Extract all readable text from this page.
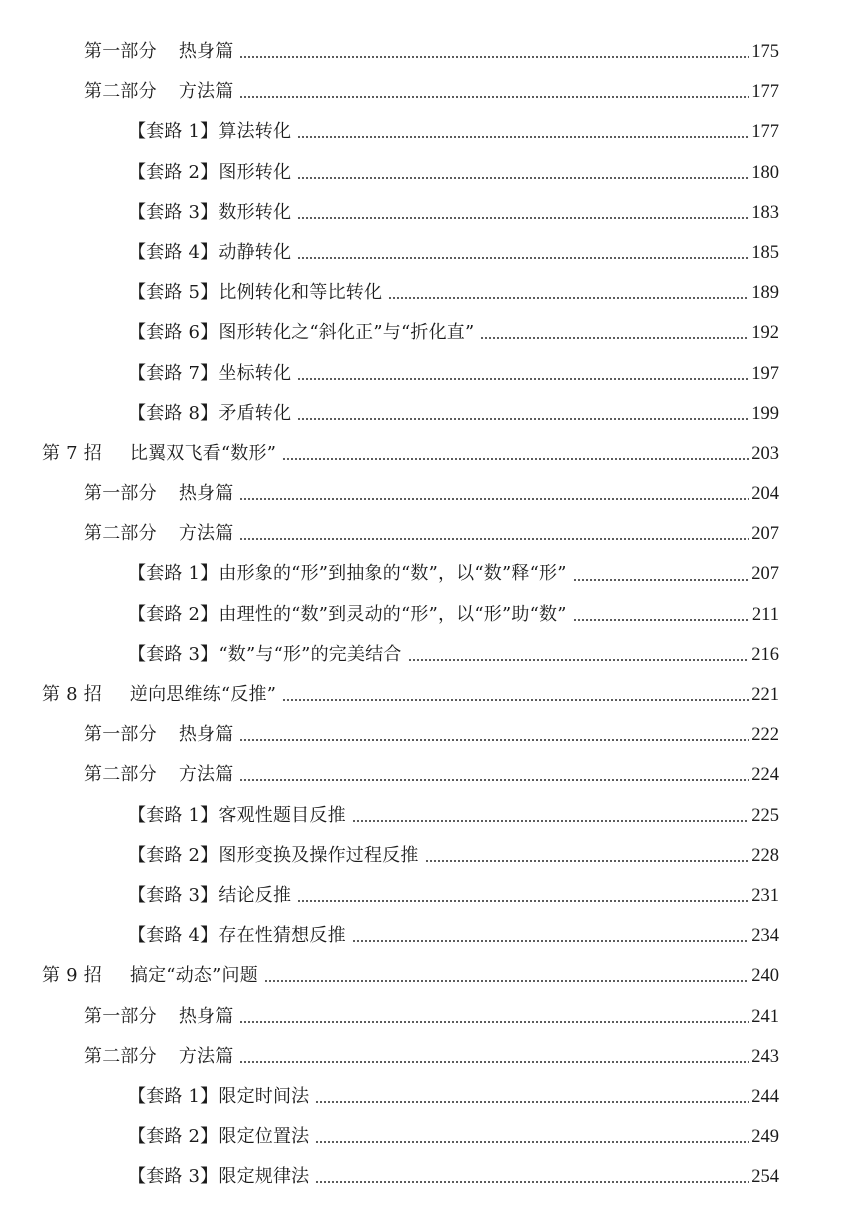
第一部分 热身篇	175
第二部分 方法篇	177
【套路 1】算法转化	177
【套路 2】图形转化	180
【套路 3】数形转化	183
【套路 4】动静转化	185
【套路 5】比例转化和等比转化	189
【套路 6】图形转化之“斜化正”与“折化直”	192
【套路 7】坐标转化	197
【套路 8】矛盾转化	199
第 7 招 比翼双飞看“数形”	203
第一部分 热身篇	204
第二部分 方法篇	207
【套路 1】由形象的“形”到抽象的“数”，以“数”释“形”	207
【套路 2】由理性的“数”到灵动的“形”，以“形”助“数”	211
【套路 3】“数”与“形”的完美结合	216
第 8 招 逆向思维练“反推”	221
第一部分 热身篇	222
第二部分 方法篇	224
【套路 1】客观性题目反推	225
【套路 2】图形变换及操作过程反推	228
【套路 3】结论反推	231
【套路 4】存在性猜想反推	234
第 9 招 搞定“动态”问题	240
第一部分 热身篇	241
第二部分 方法篇	243
【套路 1】限定时间法	244
【套路 2】限定位置法	249
【套路 3】限定规律法	254
